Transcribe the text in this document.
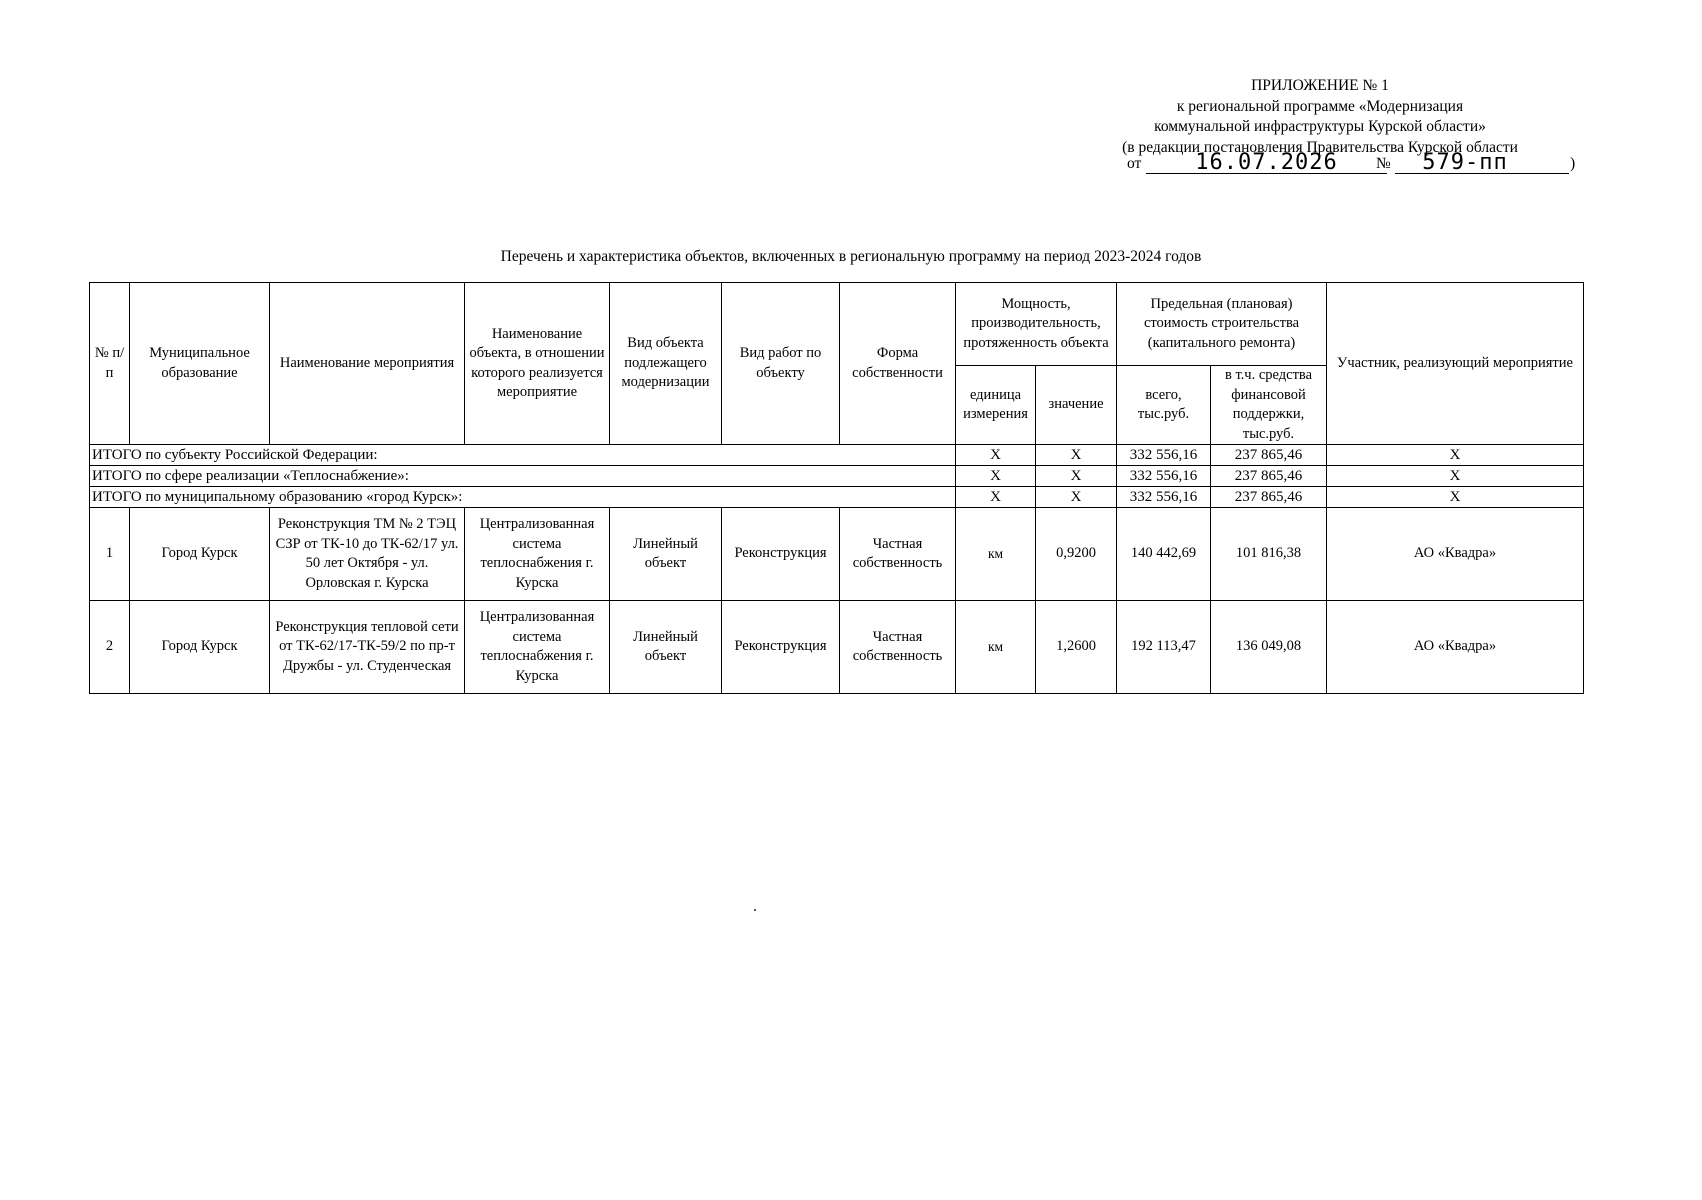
ПРИЛОЖЕНИЕ № 1
к региональной программе «Модернизация
коммунальной инфраструктуры Курской области»
(в редакции постановления Правительства Курской области
от	16.07.2026	№	579-пп	)
Перечень и характеристика объектов, включенных в региональную программу на период 2023-2024 годов
№ п/п	Муниципальное образование	Наименование мероприятия	Наименование объекта, в отношении которого реализуется мероприятие	Вид объекта подлежащего модернизации	Вид работ по объекту	Форма собственности	Мощность, производительность, протяженность объекта		Предельная (плановая) стоимость строительства (капитального ремонта)		Участник, реализующий мероприятие
							единица измерения	значение	всего, тыс.руб.	в т.ч. средства финансовой поддержки, тыс.руб.	
ИТОГО по субъекту Российской Федерации:							X	X	332 556,16	237 865,46	X
ИТОГО по сфере реализации «Теплоснабжение»:							X	X	332 556,16	237 865,46	X
ИТОГО по муниципальному образованию «город Курск»:							X	X	332 556,16	237 865,46	X
1	Город Курск	Реконструкция ТМ № 2 ТЭЦ СЗР от ТК-10 до ТК-62/17 ул. 50 лет Октября - ул. Орловская г. Курска	Централизованная система теплоснабжения г. Курска	Линейный объект	Реконструкция	Частная собственность	км	0,9200	140 442,69	101 816,38	АО «Квадра»
2	Город Курск	Реконструкция тепловой сети от ТК-62/17-ТК-59/2 по пр-т Дружбы - ул. Студенческая	Централизованная система теплоснабжения г. Курска	Линейный объект	Реконструкция	Частная собственность	км	1,2600	192 113,47	136 049,08	АО «Квадра»
